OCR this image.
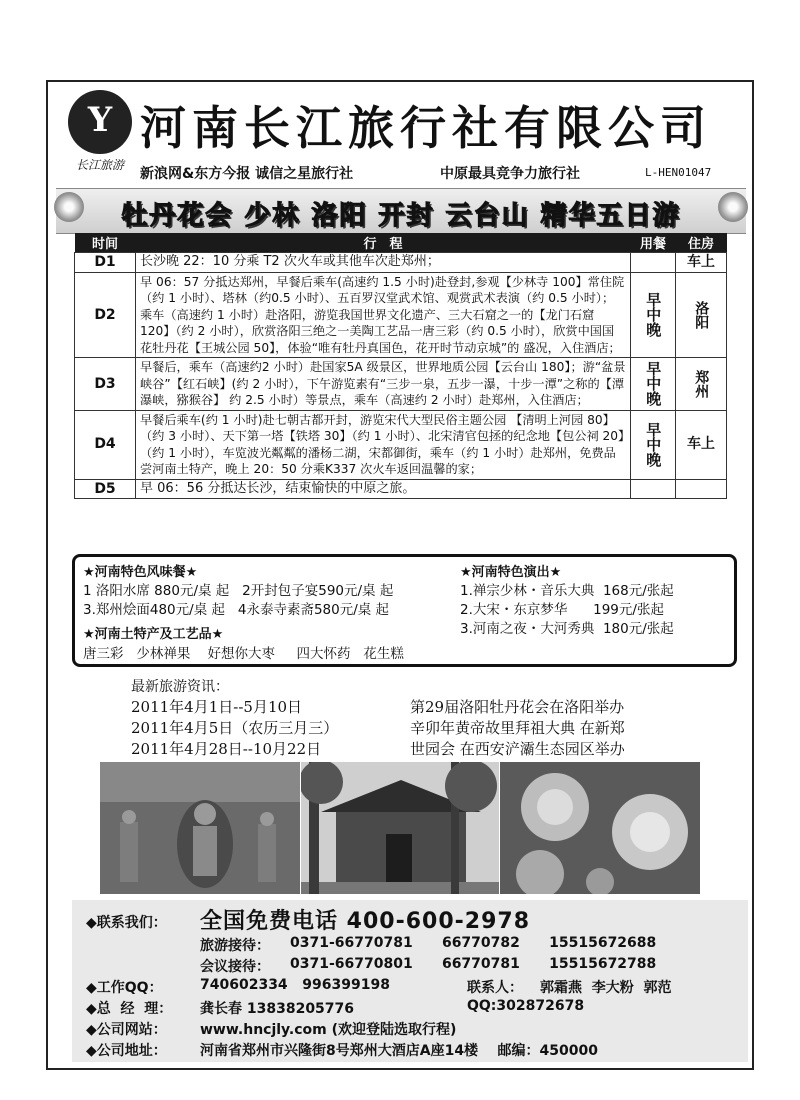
Y
长江旅游
河南长江旅行社有限公司
新浪网&东方今报 诚信之星旅行社	中原最具竞争力旅行社	L-HEN01047
牡丹花会 少林 洛阳 开封 云台山 精华五日游
时间	行　程	用餐	住房
D1	长沙晚 22：10 分乘 T2 次火车或其他车次赴郑州；		车上
D2	早 06：57 分抵达郑州，早餐后乘车(高速约 1.5 小时)赴登封,参观【少林寺 100】常住院（约 1 小时）、塔林（约0.5 小时）、五百罗汉堂武术馆、观赏武术表演（约 0.5 小时）；乘车（高速约 1 小时）赴洛阳，游览我国世界文化遗产、三大石窟之一的【龙门石窟 120】（约 2 小时），欣赏洛阳三绝之一美陶工艺品一唐三彩（约 0.5 小时），欣赏中国国花牡丹花【王城公园 50】，体验“唯有牡丹真国色，花开时节动京城”的 盛况，入住酒店；	早中晚	洛阳
D3	早餐后，乘车（高速约2 小时）赴国家5A 级景区，世界地质公园【云台山 180】；游“盆景峡谷”【红石峡】(约 2 小时），下午游览素有“三步一泉，五步一瀑，十步一潭”之称的【潭瀑峡，猕猴谷】 约 2.5 小时）等景点，乘车（高速约 2 小时）赴郑州，入住酒店；	早中晚	郑州
D4	早餐后乘车(约 1 小时)赴七朝古都开封，游览宋代大型民俗主题公园 【清明上河园 80】（约 3 小时）、天下第一塔【铁塔 30】（约 1 小时）、北宋清官包拯的纪念地【包公祠 20】（约 1 小时），车览波光粼粼的潘杨二湖，宋都御街，乘车（约 1 小时）赴郑州，免费品尝河南土特产，晚上 20：50 分乘K337 次火车返回温馨的家；	早中晚	车上
D5	早 06：56 分抵达长沙，结束愉快的中原之旅。		
★河南特色风味餐★
1 洛阳水席 880元/桌 起   2开封包子宴590元/桌 起
3.郑州烩面480元/桌 起   4永泰寺素斋580元/桌 起
★河南特色演出★
1.禅宗少林・音乐大典  168元/张起
2.大宋・东京梦华      199元/张起
3.河南之夜・大河秀典  180元/张起
★河南土特产及工艺品★
唐三彩   少林禅果    好想你大枣     四大怀药   花生糕
最新旅游资讯：
2011年4月1日--5月10日	第29届洛阳牡丹花会在洛阳举办
2011年4月5日（农历三月三）	辛卯年黄帝故里拜祖大典 在新郑
2011年4月28日--10月22日	世园会 在西安浐灞生态园区举办
◆联系我们： 全国免费电话 400-600-2978
旅游接待： 0371-66770781      66770782      15515672688
会议接待： 0371-66770801      66770781      15515672788
◆工作QQ：	740602334   996399198	联系人： 郭霜燕  李大粉  郭范
◆总  经  理： 龚长春 13838205776	QQ:302872678
◆公司网站： www.hncjly.com (欢迎登陆选取行程)
◆公司地址： 河南省郑州市兴隆街8号郑州大酒店A座14楼    邮编：450000
